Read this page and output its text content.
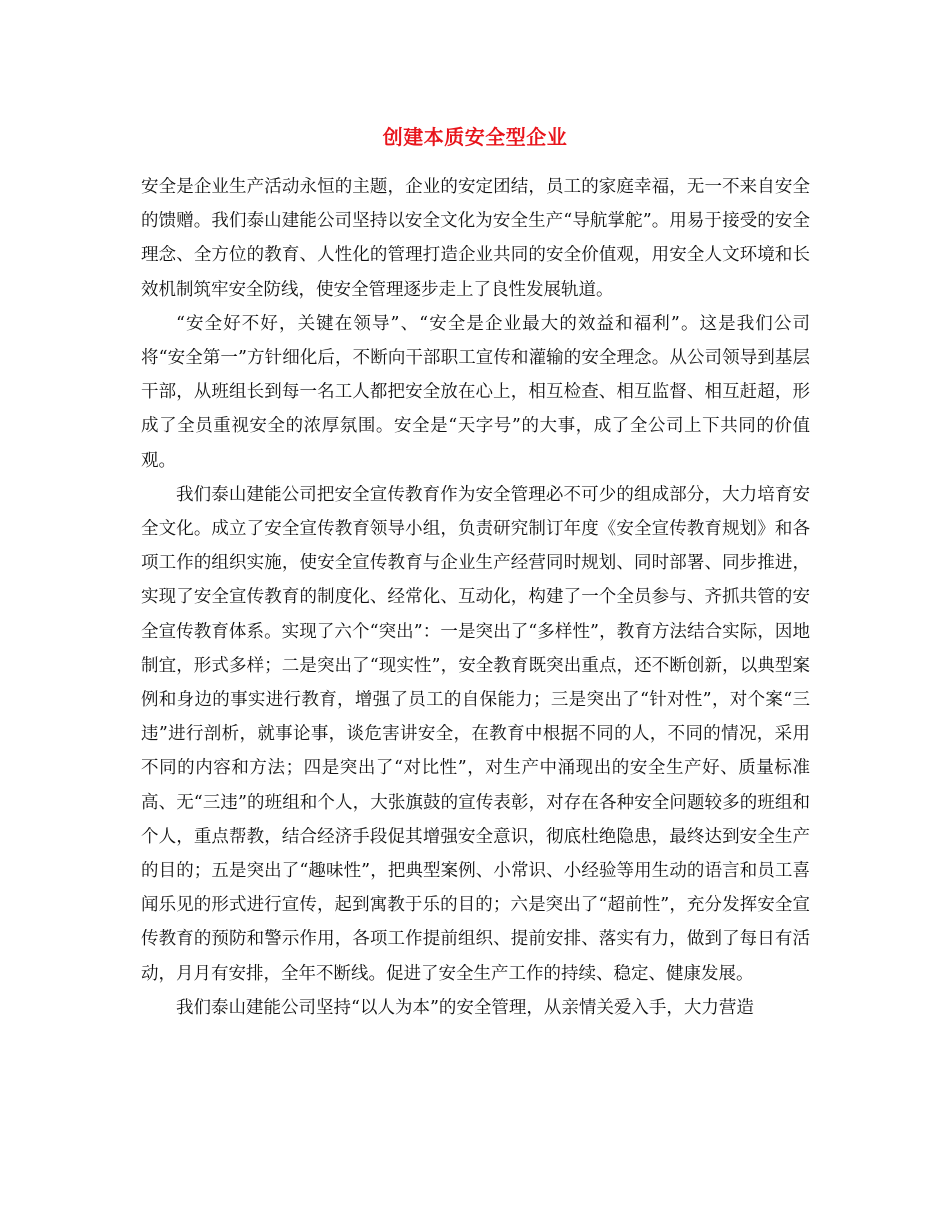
创建本质安全型企业

安全是企业生产活动永恒的主题，企业的安定团结，员工的家庭幸福，无一不来自安全的馈赠。我们泰山建能公司坚持以安全文化为安全生产“导航掌舵”。用易于接受的安全理念、全方位的教育、人性化的管理打造企业共同的安全价值观，用安全人文环境和长效机制筑牢安全防线，使安全管理逐步走上了良性发展轨道。

“安全好不好，关键在领导”、“安全是企业最大的效益和福利”。这是我们公司将“安全第一”方针细化后，不断向干部职工宣传和灌输的安全理念。从公司领导到基层干部，从班组长到每一名工人都把安全放在心上，相互检查、相互监督、相互赶超，形成了全员重视安全的浓厚氛围。安全是“天字号”的大事，成了全公司上下共同的价值观。

我们泰山建能公司把安全宣传教育作为安全管理必不可少的组成部分，大力培育安全文化。成立了安全宣传教育领导小组，负责研究制订年度《安全宣传教育规划》和各项工作的组织实施，使安全宣传教育与企业生产经营同时规划、同时部署、同步推进，实现了安全宣传教育的制度化、经常化、互动化，构建了一个全员参与、齐抓共管的安全宣传教育体系。实现了六个“突出”：一是突出了“多样性”，教育方法结合实际，因地制宜，形式多样；二是突出了“现实性”，安全教育既突出重点，还不断创新，以典型案例和身边的事实进行教育，增强了员工的自保能力；三是突出了“针对性”，对个案“三违”进行剖析，就事论事，谈危害讲安全，在教育中根据不同的人，不同的情况，采用不同的内容和方法；四是突出了“对比性”，对生产中涌现出的安全生产好、质量标准高、无“三违”的班组和个人，大张旗鼓的宣传表彰，对存在各种安全问题较多的班组和个人，重点帮教，结合经济手段促其增强安全意识，彻底杜绝隐患，最终达到安全生产的目的；五是突出了“趣味性”，把典型案例、小常识、小经验等用生动的语言和员工喜闻乐见的形式进行宣传，起到寓教于乐的目的；六是突出了“超前性”，充分发挥安全宣传教育的预防和警示作用，各项工作提前组织、提前安排、落实有力，做到了每日有活动，月月有安排，全年不断线。促进了安全生产工作的持续、稳定、健康发展。

我们泰山建能公司坚持“以人为本”的安全管理，从亲情关爱入手，大力营造
